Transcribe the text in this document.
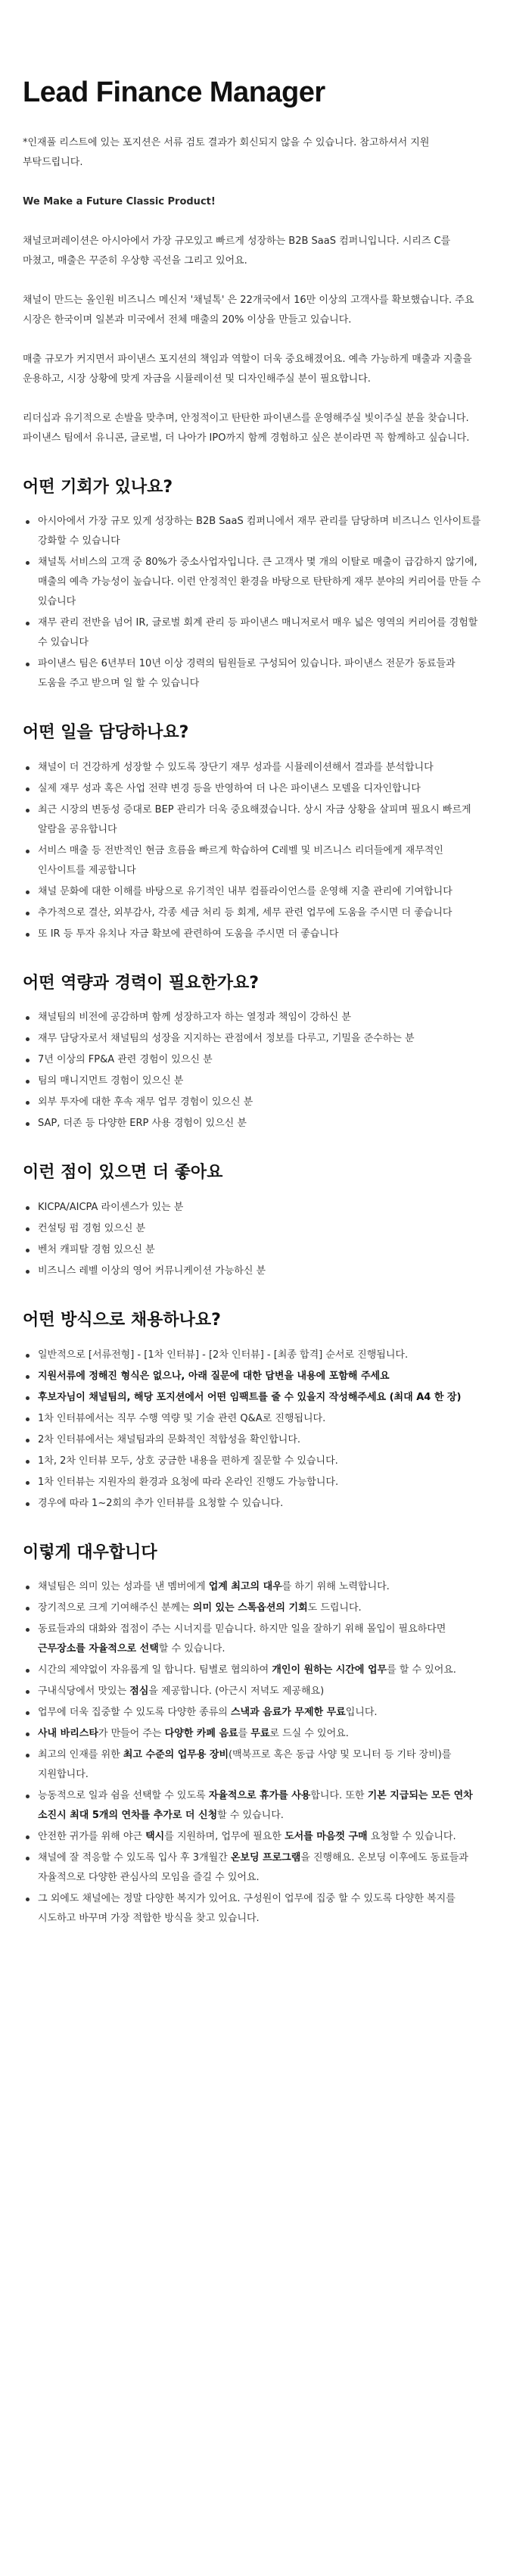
Lead Finance Manager

*인재풀 리스트에 있는 포지션은 서류 검토 결과가 회신되지 않을 수 있습니다. 참고하셔서 지원 부탁드립니다.

We Make a Future Classic Product!

채널코퍼레이션은 아시아에서 가장 규모있고 빠르게 성장하는 B2B SaaS 컴퍼니입니다. 시리즈 C를 마쳤고, 매출은 꾸준히 우상향 곡선을 그리고 있어요.

채널이 만드는 올인원 비즈니스 메신저 '채널톡' 은 22개국에서 16만 이상의 고객사를 확보했습니다. 주요 시장은 한국이며 일본과 미국에서 전체 매출의 20% 이상을 만들고 있습니다.

매출 규모가 커지면서 파이낸스 포지션의 책임과 역할이 더욱 중요해졌어요. 예측 가능하게 매출과 지출을 운용하고, 시장 상황에 맞게 자금을 시뮬레이션 및 디자인해주실 분이 필요합니다.

리더십과 유기적으로 손발을 맞추며, 안정적이고 탄탄한 파이낸스를 운영해주실 빛이주실 분을 찾습니다. 파이낸스 팀에서 유니콘, 글로벌, 더 나아가 IPO까지 함께 경험하고 싶은 분이라면 꼭 함께하고 싶습니다.

어떤 기회가 있나요?
아시아에서 가장 규모 있게 성장하는 B2B SaaS 컴퍼니에서 재무 관리를 담당하며 비즈니스 인사이트를 강화할 수 있습니다
채널톡 서비스의 고객 중 80%가 중소사업자입니다. 큰 고객사 몇 개의 이탈로 매출이 급감하지 않기에, 매출의 예측 가능성이 높습니다. 이런 안정적인 환경을 바탕으로 탄탄하게 재무 분야의 커리어를 만들 수 있습니다
재무 관리 전반을 넘어 IR, 글로벌 회계 관리 등 파이낸스 매니저로서 매우 넓은 영역의 커리어를 경험할 수 있습니다
파이낸스 팀은 6년부터 10년 이상 경력의 팀원들로 구성되어 있습니다. 파이낸스 전문가 동료들과 도움을 주고 받으며 일 할 수 있습니다
어떤 일을 담당하나요?
채널이 더 건강하게 성장할 수 있도록 장단기 재무 성과를 시뮬레이션해서 결과를 분석합니다
실제 재무 성과 혹은 사업 전략 변경 등을 반영하여 더 나은 파이낸스 모델을 디자인합니다
최근 시장의 변동성 증대로 BEP 관리가 더욱 중요해졌습니다. 상시 자금 상황을 살피며 필요시 빠르게 알람을 공유합니다
서비스 매출 등 전반적인 현금 흐름을 빠르게 학습하여 C레벨 및 비즈니스 리더들에게 재무적인 인사이트를 제공합니다
채널 문화에 대한 이해를 바탕으로 유기적인 내부 컴플라이언스를 운영해 지출 관리에 기여합니다
추가적으로 결산, 외부감사, 각종 세금 처리 등 회계, 세무 관련 업무에 도움을 주시면 더 좋습니다
또 IR 등 투자 유치나 자금 확보에 관련하여 도움을 주시면 더 좋습니다
어떤 역량과 경력이 필요한가요?
채널팀의 비전에 공감하며 함께 성장하고자 하는 열정과 책임이 강하신 분
재무 담당자로서 채널팀의 성장을 지지하는 관점에서 정보를 다루고, 기밀을 준수하는 분
7년 이상의 FP&A 관련 경험이 있으신 분
팀의 매니지먼트 경험이 있으신 분
외부 투자에 대한 후속 재무 업무 경험이 있으신 분
SAP, 더존 등 다양한 ERP 사용 경험이 있으신 분
이런 점이 있으면 더 좋아요
KICPA/AICPA 라이센스가 있는 분
컨설팅 펌 경험 있으신 분
벤처 캐피탈 경험 있으신 분
비즈니스 레벨 이상의 영어 커뮤니케이션 가능하신 분
어떤 방식으로 채용하나요?
일반적으로 [서류전형] - [1차 인터뷰] - [2차 인터뷰] - [최종 합격] 순서로 진행됩니다.
지원서류에 정해진 형식은 없으나, 아래 질문에 대한 답변을 내용에 포함해 주세요
후보자님이 채널팀의, 해당 포지션에서 어떤 임팩트를 줄 수 있을지 작성해주세요 (최대 A4 한 장)
1차 인터뷰에서는 직무 수행 역량 및 기술 관련 Q&A로 진행됩니다.
2차 인터뷰에서는 채널팀과의 문화적인 적합성을 확인합니다.
1차, 2차 인터뷰 모두, 상호 궁금한 내용을 편하게 질문할 수 있습니다.
1차 인터뷰는 지원자의 환경과 요청에 따라 온라인 진행도 가능합니다.
경우에 따라 1~2회의 추가 인터뷰를 요청할 수 있습니다.
이렇게 대우합니다
채널팀은 의미 있는 성과를 낸 멤버에게 업계 최고의 대우를 하기 위해 노력합니다.
장기적으로 크게 기여해주신 분께는 의미 있는 스톡옵션의 기회도 드립니다.
동료들과의 대화와 접점이 주는 시너지를 믿습니다. 하지만 일을 잘하기 위해 몰입이 필요하다면 근무장소를 자율적으로 선택할 수 있습니다.
시간의 제약없이 자유롭게 일 합니다. 팀별로 협의하여 개인이 원하는 시간에 업무를 할 수 있어요.
구내식당에서 맛있는 점심을 제공합니다. (아근시 저녁도 제공해요)
업무에 더욱 집중할 수 있도록 다양한 종류의 스낵과 음료가 무제한 무료입니다.
사내 바리스타가 만들어 주는 다양한 카페 음료를 무료로 드실 수 있어요.
최고의 인재를 위한 최고 수준의 업무용 장비(맥북프로 혹은 동급 사양 및 모니터 등 기타 장비)를 지원합니다.
능동적으로 일과 쉼을 선택할 수 있도록 자율적으로 휴가를 사용합니다. 또한 기본 지급되는 모든 연차 소진시 최대 5개의 연차를 추가로 더 신청할 수 있습니다.
안전한 귀가를 위해 야근 택시를 지원하며, 업무에 필요한 도서를 마음껏 구매 요청할 수 있습니다.
채널에 잘 적응할 수 있도록 입사 후 3개월간 온보딩 프로그램을 진행해요. 온보딩 이후에도 동료들과 자율적으로 다양한 관심사의 모임을 즐길 수 있어요.
그 외에도 채널에는 정말 다양한 복지가 있어요. 구성원이 업무에 집중 할 수 있도록 다양한 복지를 시도하고 바꾸며 가장 적합한 방식을 찾고 있습니다.
